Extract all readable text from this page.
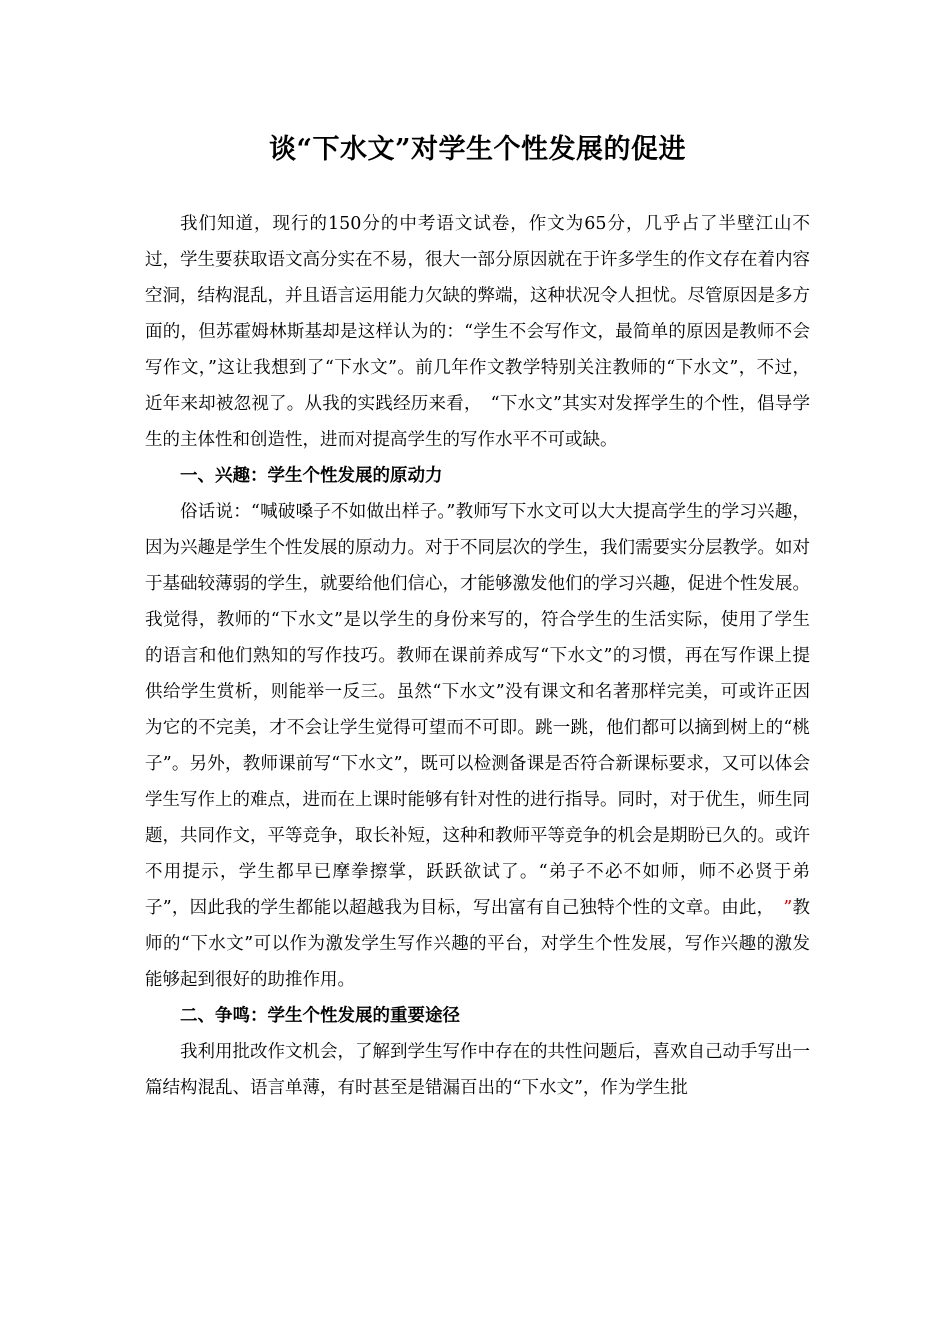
谈“下水文”对学生个性发展的促进

我们知道，现行的150分的中考语文试卷，作文为65分，几乎占了半壁江山不过，学生要获取语文高分实在不易，很大一部分原因就在于许多学生的作文存在着内容空洞，结构混乱，并且语言运用能力欠缺的弊端，这种状况令人担忧。尽管原因是多方面的，但苏霍姆林斯基却是这样认为的：“学生不会写作文，最简单的原因是教师不会写作文，”这让我想到了“下水文”。前几年作文教学特别关注教师的“下水文”，不过，近年来却被忽视了。从我的实践经历来看，　“下水文”其实对发挥学生的个性，倡导学生的主体性和创造性，进而对提高学生的写作水平不可或缺。

一、兴趣：学生个性发展的原动力

俗话说：“喊破嗓子不如做出样子。”教师写下水文可以大大提高学生的学习兴趣，因为兴趣是学生个性发展的原动力。对于不同层次的学生，我们需要实分层教学。如对于基础较薄弱的学生，就要给他们信心，才能够激发他们的学习兴趣，促进个性发展。我觉得，教师的“下水文”是以学生的身份来写的，符合学生的生活实际，使用了学生的语言和他们熟知的写作技巧。教师在课前养成写“下水文”的习惯，再在写作课上提供给学生赏析，则能举一反三。虽然“下水文”没有课文和名著那样完美，可或许正因为它的不完美，才不会让学生觉得可望而不可即。跳一跳，他们都可以摘到树上的“桃子”。另外，教师课前写“下水文”，既可以检测备课是否符合新课标要求，又可以体会学生写作上的难点，进而在上课时能够有针对性的进行指导。同时，对于优生，师生同题，共同作文，平等竞争，取长补短，这种和教师平等竞争的机会是期盼已久的。或许不用提示，学生都早已摩拳擦掌，跃跃欲试了。“弟子不必不如师，师不必贤于弟子”，因此我的学生都能以超越我为目标，写出富有自己独特个性的文章。由此，　”教师的“下水文”可以作为激发学生写作兴趣的平台，对学生个性发展，写作兴趣的激发能够起到很好的助推作用。

二、争鸣：学生个性发展的重要途径

我利用批改作文机会，了解到学生写作中存在的共性问题后，喜欢自己动手写出一篇结构混乱、语言单薄，有时甚至是错漏百出的“下水文”，作为学生批
